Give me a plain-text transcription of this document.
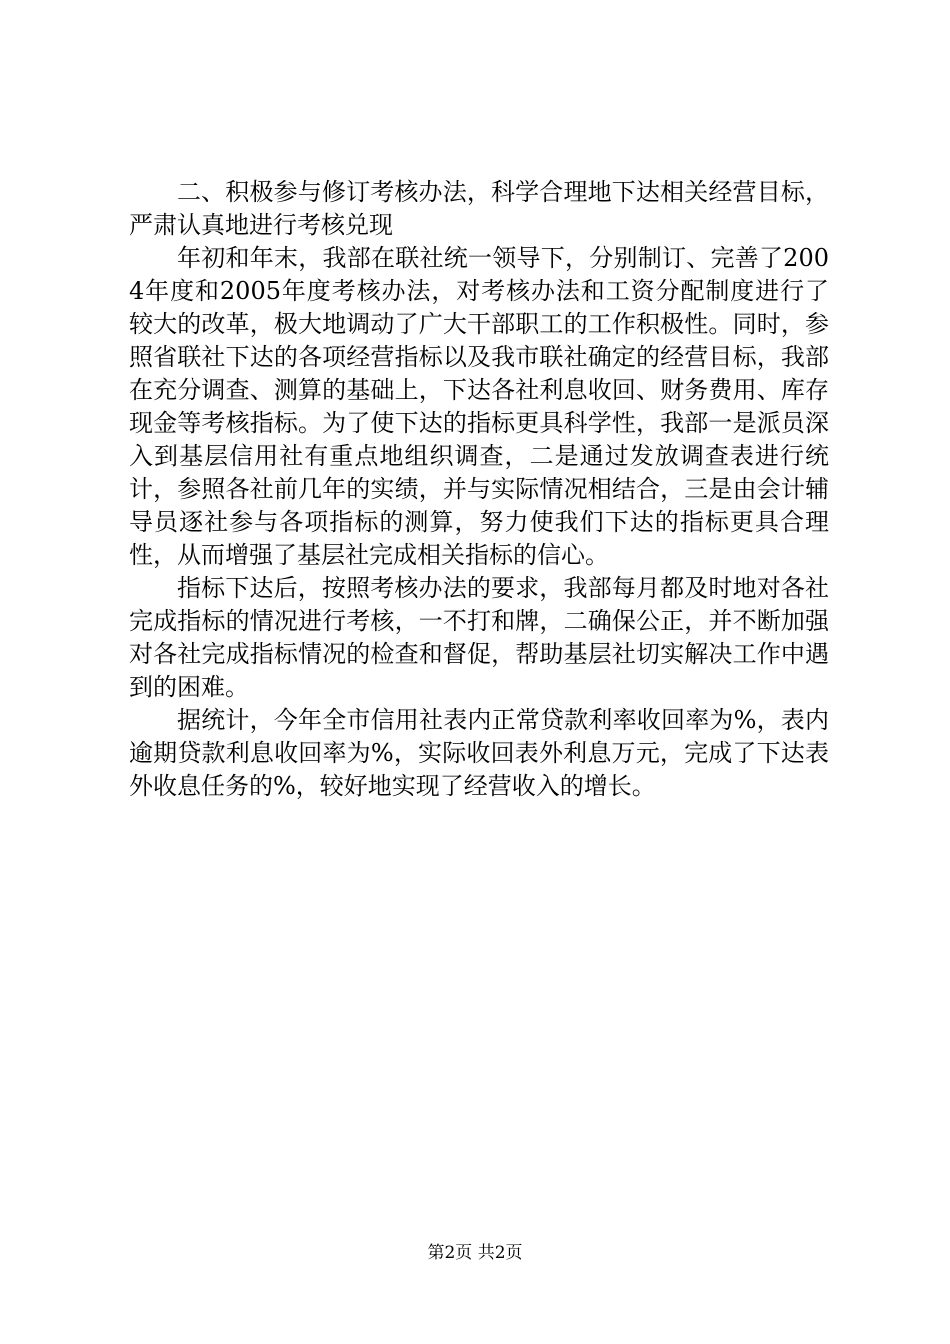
二、积极参与修订考核办法，科学合理地下达相关经营目标，严肃认真地进行考核兑现

年初和年末，我部在联社统一领导下，分别制订、完善了2004年度和2005年度考核办法，对考核办法和工资分配制度进行了较大的改革，极大地调动了广大干部职工的工作积极性。同时，参照省联社下达的各项经营指标以及我市联社确定的经营目标，我部在充分调查、测算的基础上，下达各社利息收回、财务费用、库存现金等考核指标。为了使下达的指标更具科学性，我部一是派员深入到基层信用社有重点地组织调查，二是通过发放调查表进行统计，参照各社前几年的实绩，并与实际情况相结合，三是由会计辅导员逐社参与各项指标的测算，努力使我们下达的指标更具合理性，从而增强了基层社完成相关指标的信心。

指标下达后，按照考核办法的要求，我部每月都及时地对各社完成指标的情况进行考核，一不打和牌，二确保公正，并不断加强对各社完成指标情况的检查和督促，帮助基层社切实解决工作中遇到的困难。

据统计，今年全市信用社表内正常贷款利率收回率为%，表内逾期贷款利息收回率为%，实际收回表外利息万元，完成了下达表外收息任务的%，较好地实现了经营收入的增长。

第2页 共2页
